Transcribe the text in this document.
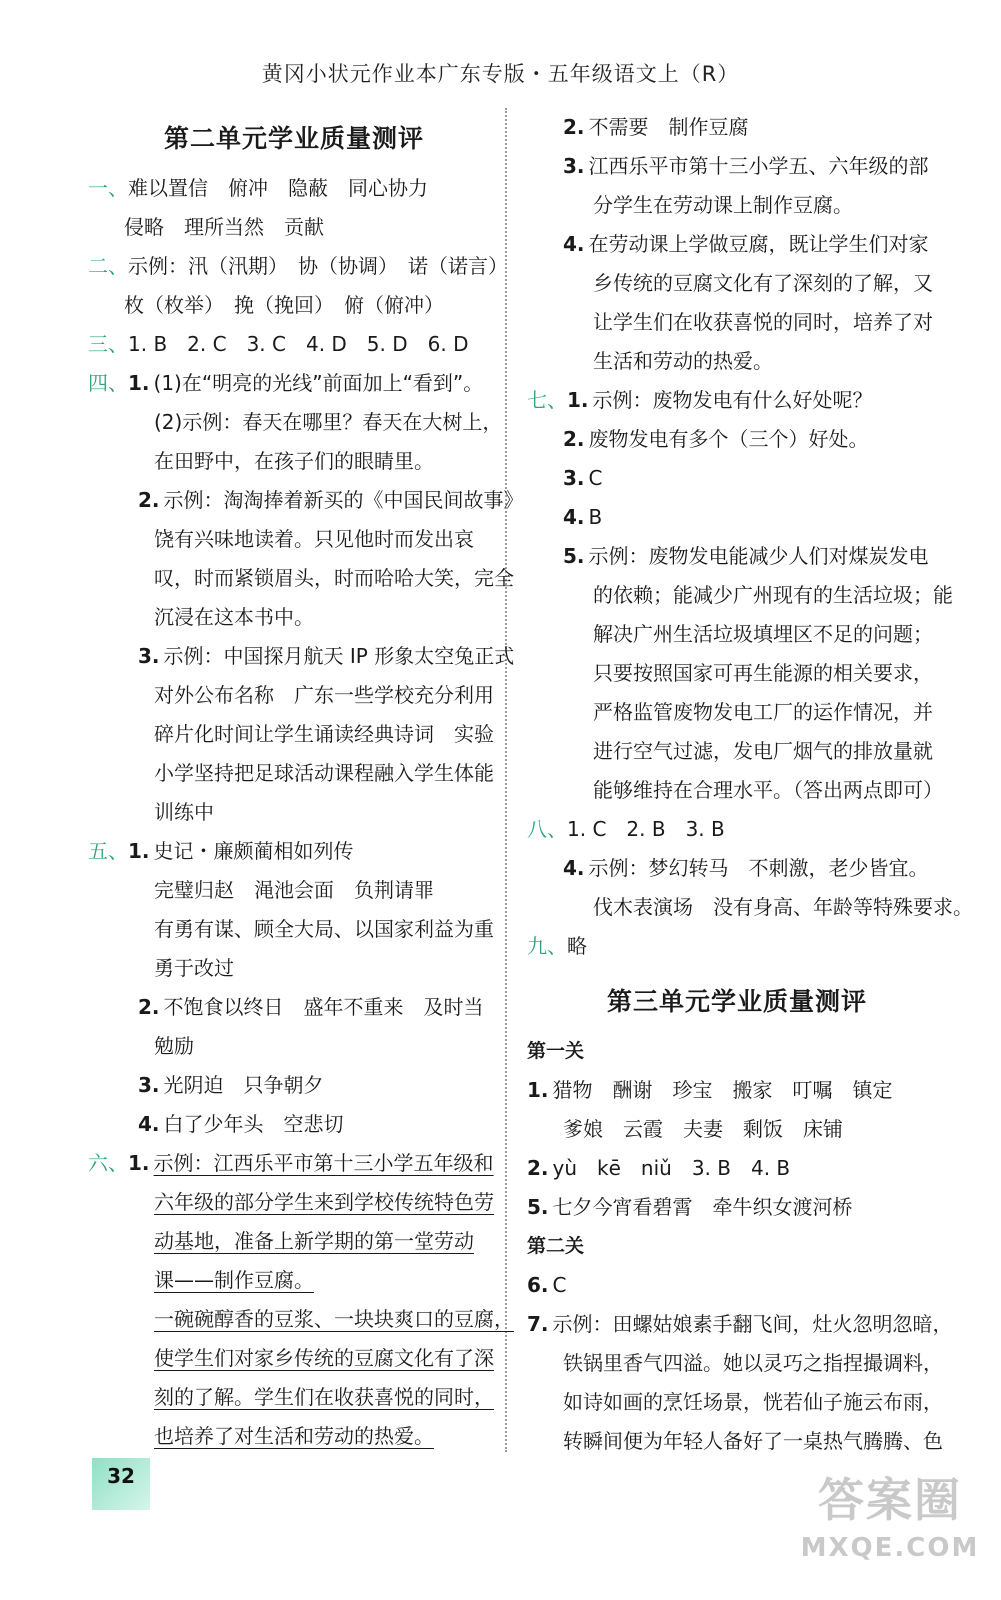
黄冈小状元作业本广东专版・五年级语文上（R）
第二单元学业质量测评
一、难以置信　俯冲　隐蔽　同心协力
侵略　理所当然　贡献
二、示例：汛（汛期）　协（协调）　诺（诺言）
枚（枚举）　挽（挽回）　俯（俯冲）
三、1. B　2. C　3. C　4. D　5. D　6. D
四、1. (1)在“明亮的光线”前面加上“看到”。
(2)示例：春天在哪里？春天在大树上，
在田野中，在孩子们的眼睛里。
2. 示例：淘淘捧着新买的《中国民间故事》
饶有兴味地读着。只见他时而发出哀
叹，时而紧锁眉头，时而哈哈大笑，完全
沉浸在这本书中。
3. 示例：中国探月航天 IP 形象太空兔正式
对外公布名称　广东一些学校充分利用
碎片化时间让学生诵读经典诗词　实验
小学坚持把足球活动课程融入学生体能
训练中
五、1. 史记・廉颇蔺相如列传
完璧归赵　渑池会面　负荆请罪
有勇有谋、顾全大局、以国家利益为重
勇于改过
2. 不饱食以终日　盛年不重来　及时当
勉励
3. 光阴迫　只争朝夕
4. 白了少年头　空悲切
六、1. 示例：江西乐平市第十三小学五年级和
六年级的部分学生来到学校传统特色劳
动基地，准备上新学期的第一堂劳动
课——制作豆腐。
一碗碗醇香的豆浆、一块块爽口的豆腐，
使学生们对家乡传统的豆腐文化有了深
刻的了解。学生们在收获喜悦的同时，
也培养了对生活和劳动的热爱。
2. 不需要　制作豆腐
3. 江西乐平市第十三小学五、六年级的部
分学生在劳动课上制作豆腐。
4. 在劳动课上学做豆腐，既让学生们对家
乡传统的豆腐文化有了深刻的了解，又
让学生们在收获喜悦的同时，培养了对
生活和劳动的热爱。
七、1. 示例：废物发电有什么好处呢？
2. 废物发电有多个（三个）好处。
3. C
4. B
5. 示例：废物发电能减少人们对煤炭发电
的依赖；能减少广州现有的生活垃圾；能
解决广州生活垃圾填埋区不足的问题；
只要按照国家可再生能源的相关要求，
严格监管废物发电工厂的运作情况，并
进行空气过滤，发电厂烟气的排放量就
能够维持在合理水平。（答出两点即可）
八、1. C　2. B　3. B
4. 示例：梦幻转马　不刺激，老少皆宜。
伐木表演场　没有身高、年龄等特殊要求。
九、略
第三单元学业质量测评
第一关
1. 猎物　酬谢　珍宝　搬家　叮嘱　镇定
爹娘　云霞　夫妻　剩饭　床铺
2. yù　kē　niǔ　3. B　4. B
5. 七夕今宵看碧霄　牵牛织女渡河桥
第二关
6. C
7. 示例：田螺姑娘素手翻飞间，灶火忽明忽暗，
铁锅里香气四溢。她以灵巧之指捏撮调料，
如诗如画的烹饪场景，恍若仙子施云布雨，
转瞬间便为年轻人备好了一桌热气腾腾、色
32	答案圈
MXQE.COM
